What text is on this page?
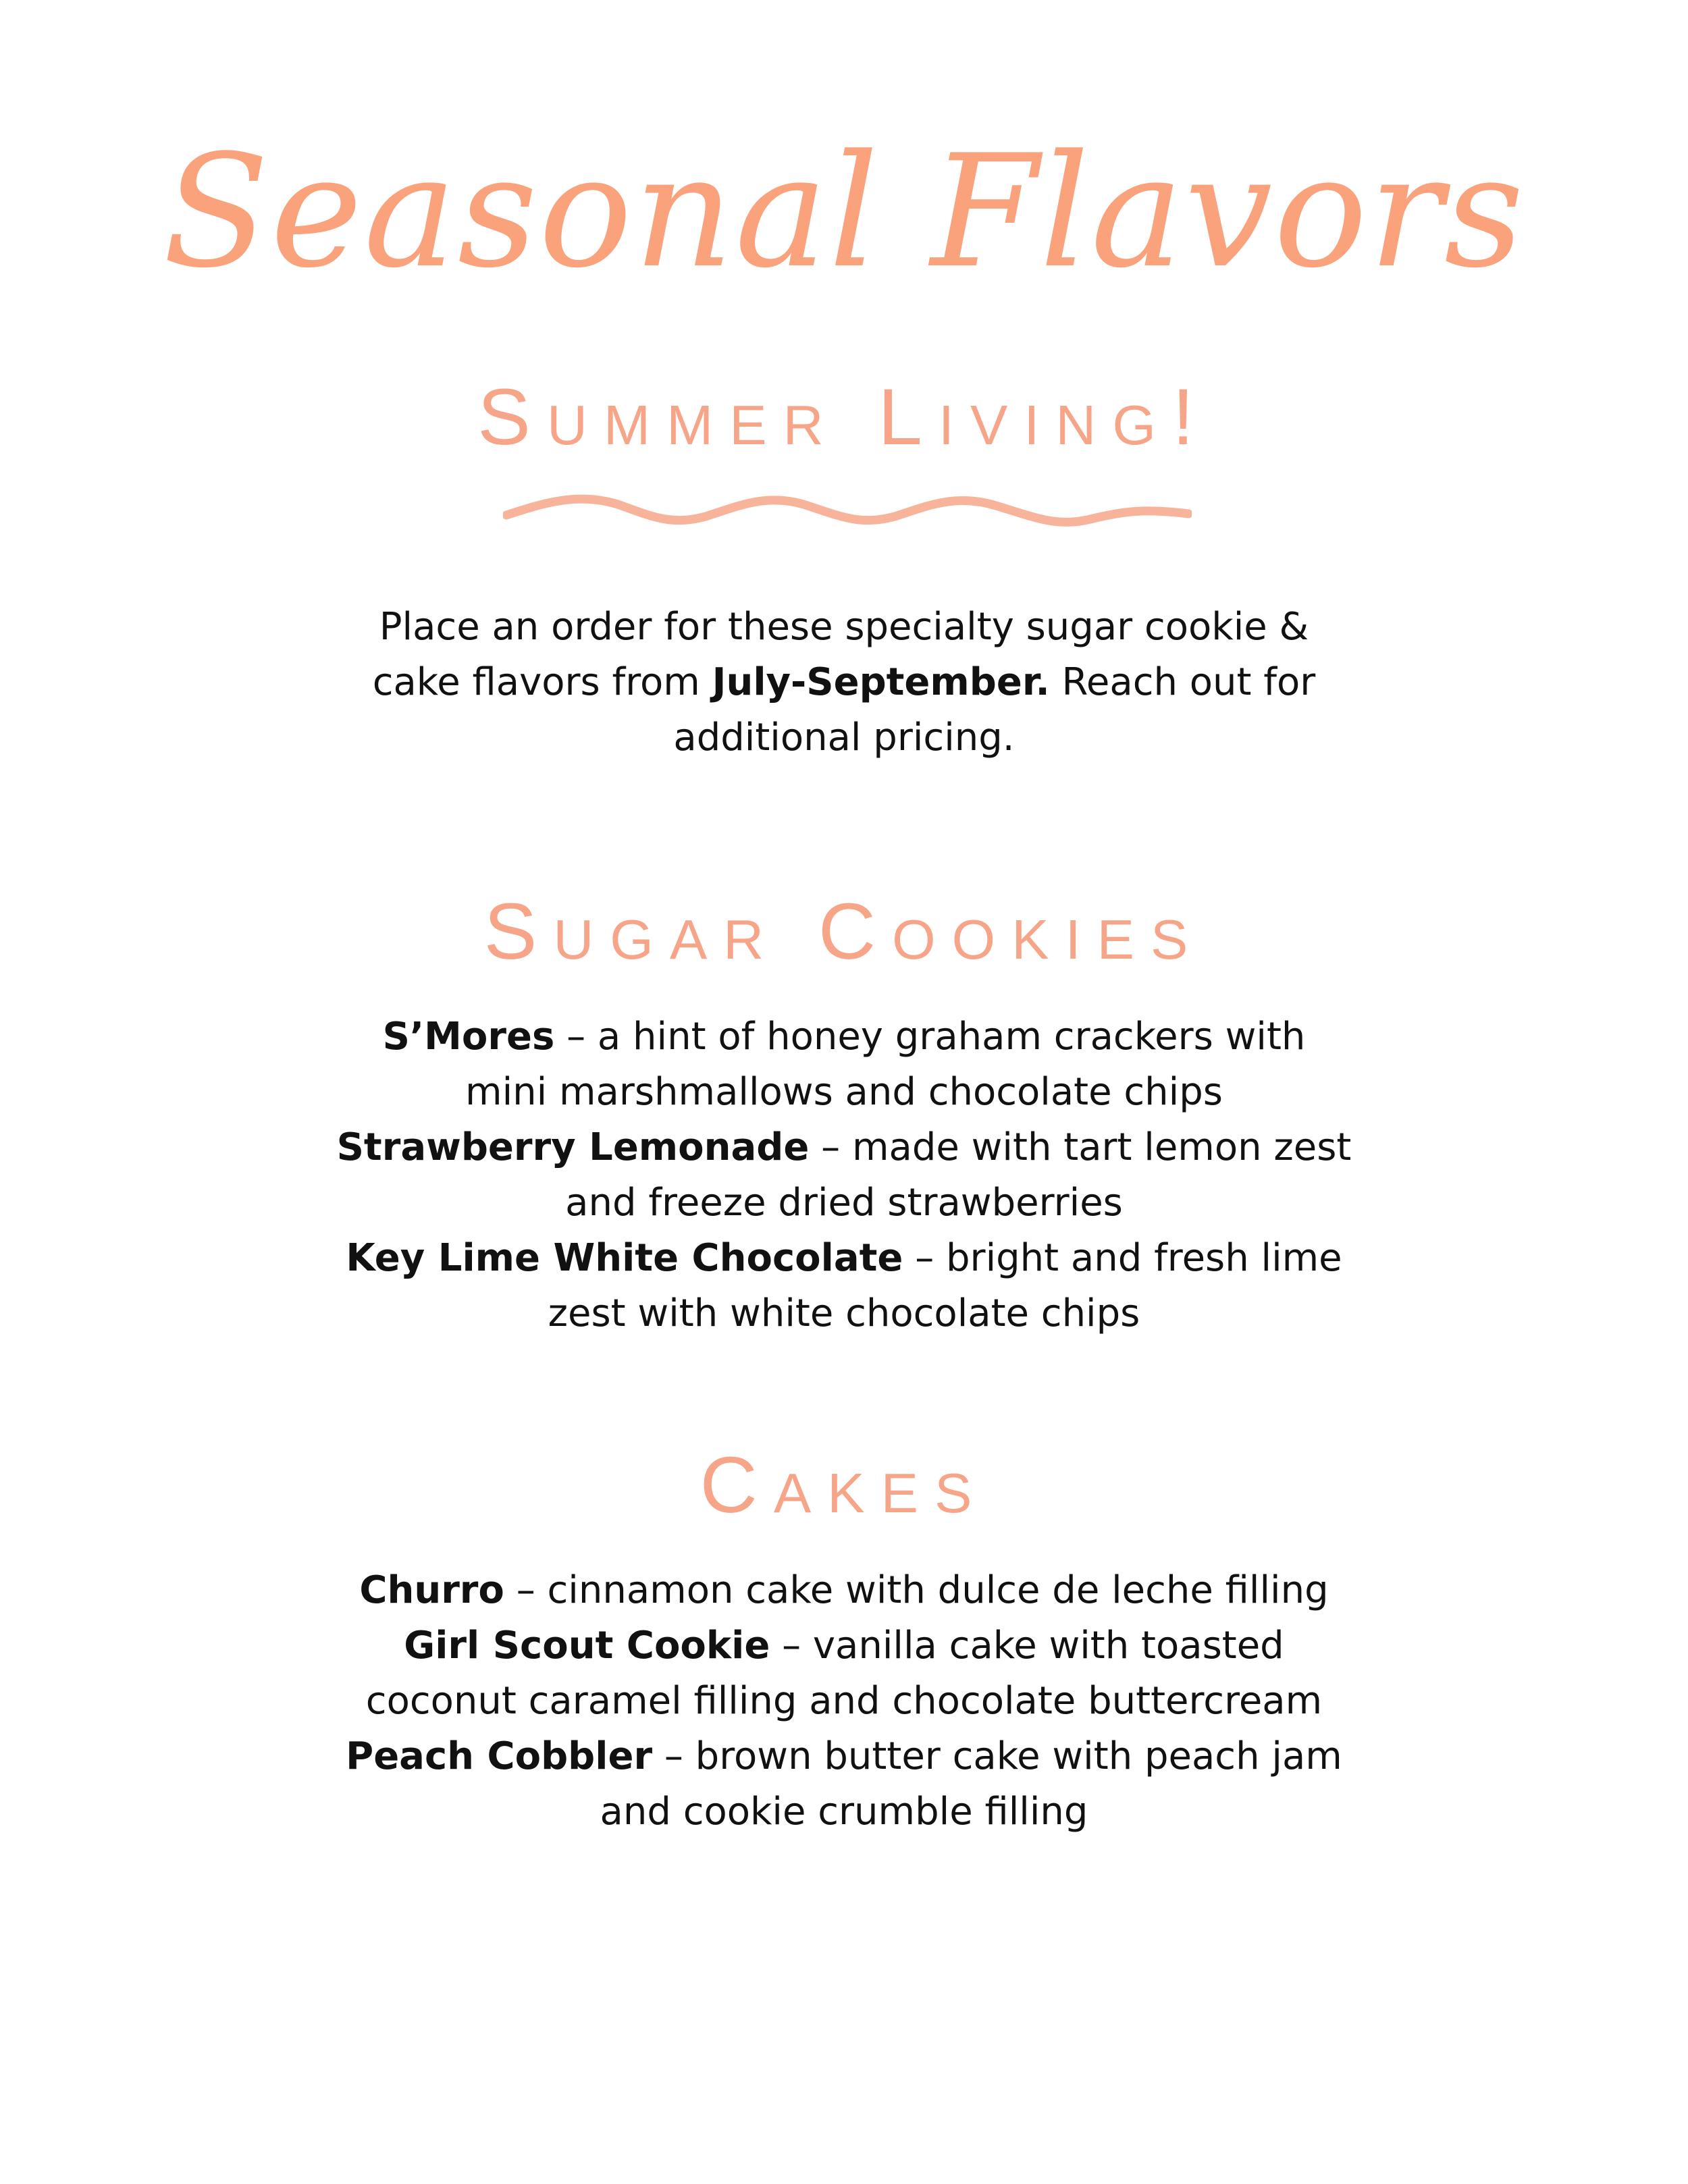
Seasonal Flavors
Summer Living!
Place an order for these specialty sugar cookie &
cake flavors from July-September. Reach out for
additional pricing.
Sugar Cookies
S’Mores – a hint of honey graham crackers with
mini marshmallows and chocolate chips
Strawberry Lemonade – made with tart lemon zest
and freeze dried strawberries
Key Lime White Chocolate – bright and fresh lime
zest with white chocolate chips
Cakes
Churro – cinnamon cake with dulce de leche filling
Girl Scout Cookie – vanilla cake with toasted
coconut caramel filling and chocolate buttercream
Peach Cobbler – brown butter cake with peach jam
and cookie crumble filling
